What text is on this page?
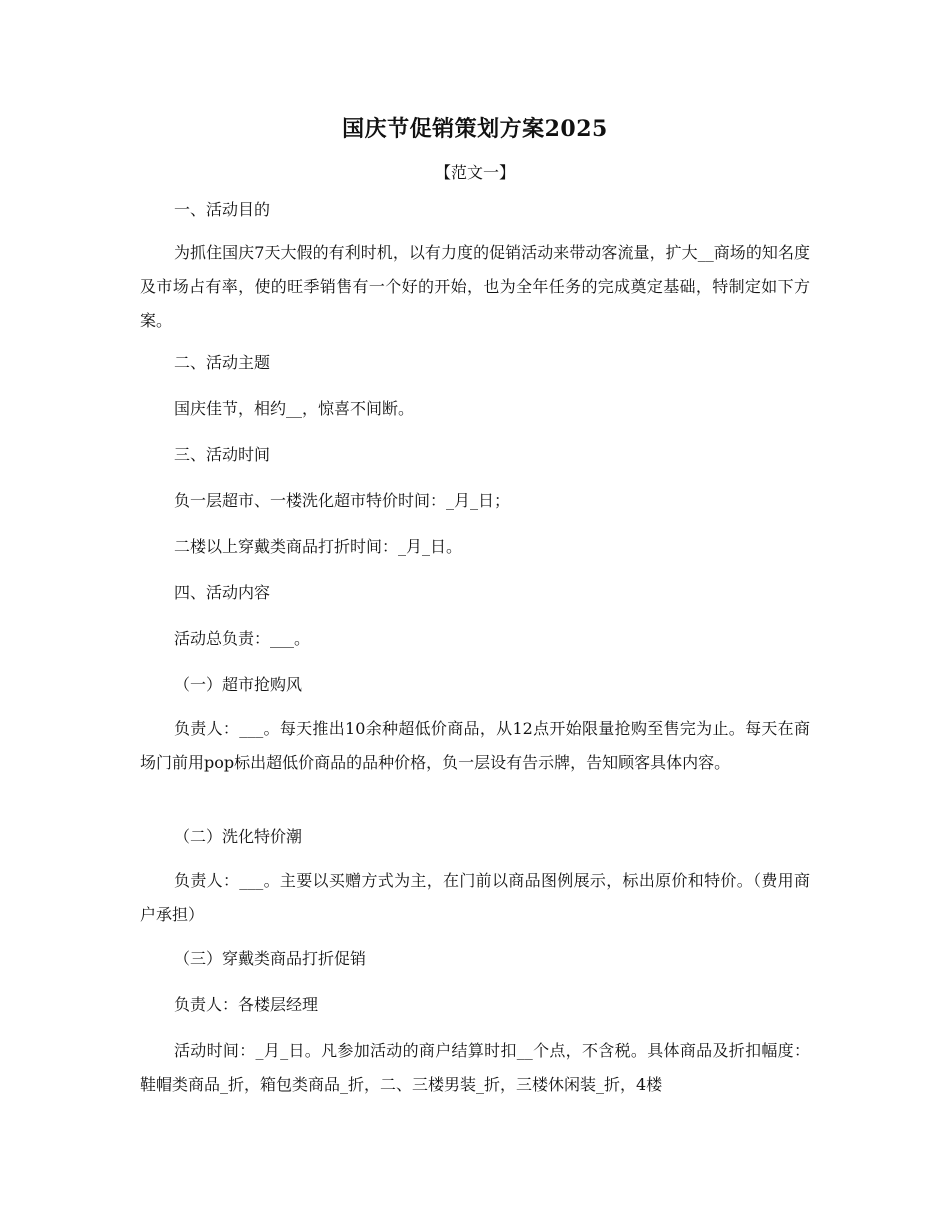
国庆节促销策划方案2025
【范文一】
一、活动目的

为抓住国庆7天大假的有利时机，以有力度的促销活动来带动客流量，扩大__商场的知名度及市场占有率，使的旺季销售有一个好的开始，也为全年任务的完成奠定基础，特制定如下方案。

二、活动主题
国庆佳节，相约__，惊喜不间断。
三、活动时间
负一层超市、一楼洗化超市特价时间：_月_日；
二楼以上穿戴类商品打折时间：_月_日。
四、活动内容
活动总负责：___。
（一）超市抢购风

负责人：___。每天推出10余种超低价商品，从12点开始限量抢购至售完为止。每天在商场门前用pop标出超低价商品的品种价格，负一层设有告示牌，告知顾客具体内容。

（二）洗化特价潮

负责人：___。主要以买赠方式为主，在门前以商品图例展示，标出原价和特价。（费用商户承担）

（三）穿戴类商品打折促销
负责人：各楼层经理

活动时间：_月_日。凡参加活动的商户结算时扣__个点，不含税。具体商品及折扣幅度：鞋帽类商品_折，箱包类商品_折，二、三楼男装_折，三楼休闲装_折，4楼
